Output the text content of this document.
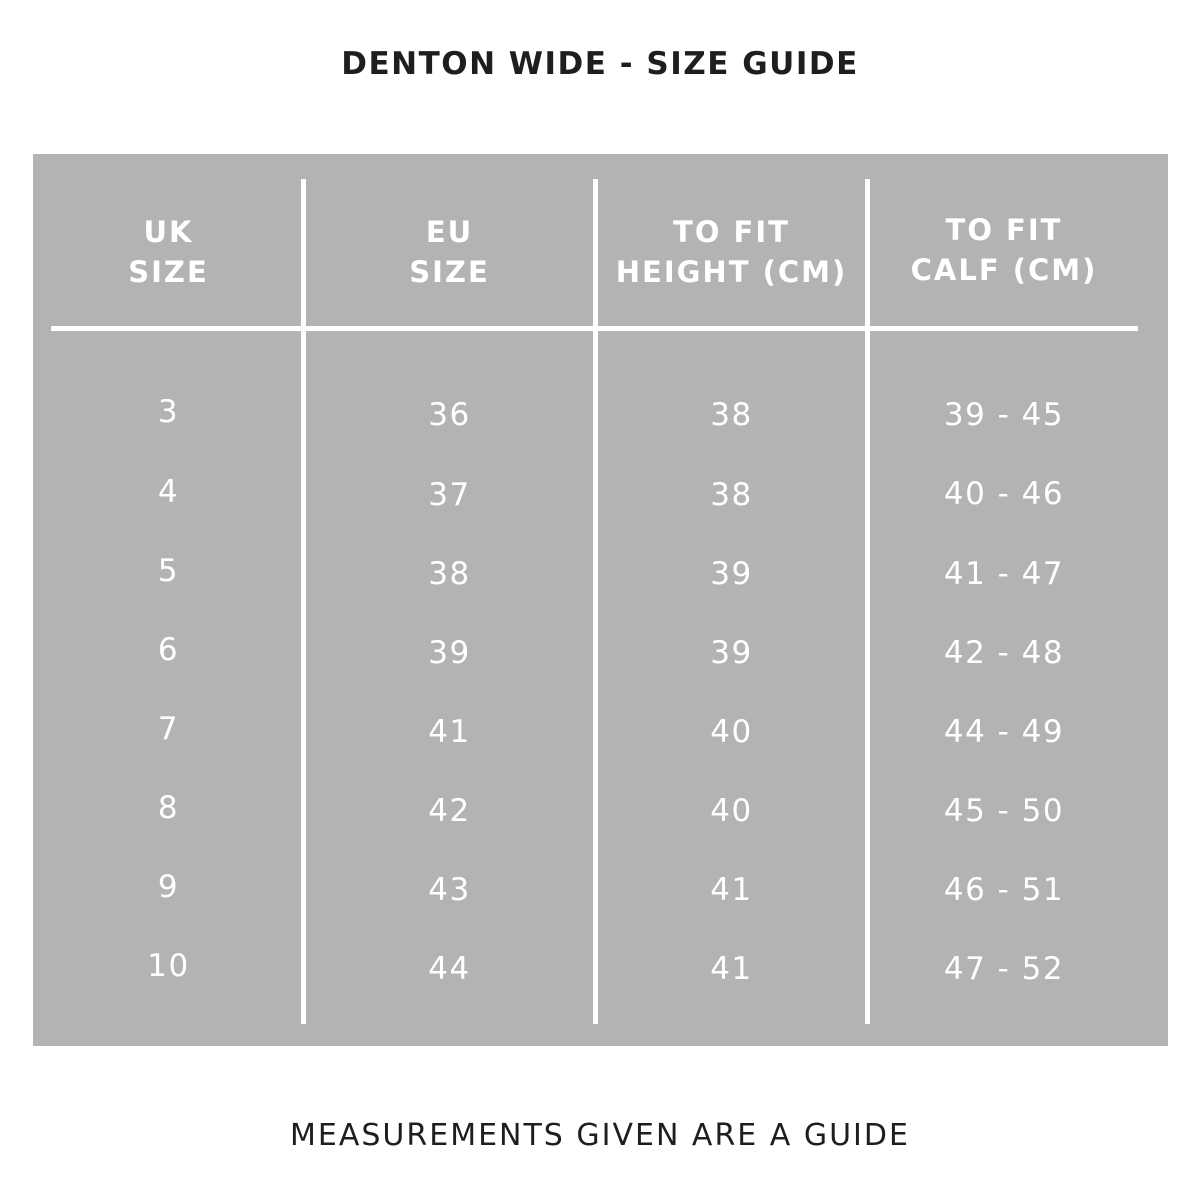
DENTON WIDE - SIZE GUIDE
UK
SIZE
3
4
5
6
7
8
9
10
EU
SIZE
36
37
38
39
41
42
43
44
TO FIT
HEIGHT (CM)
38
38
39
39
40
40
41
41
TO FIT
CALF (CM)
39 - 45
40 - 46
41 - 47
42 - 48
44 - 49
45 - 50
46 - 51
47 - 52
MEASUREMENTS GIVEN ARE A GUIDE
